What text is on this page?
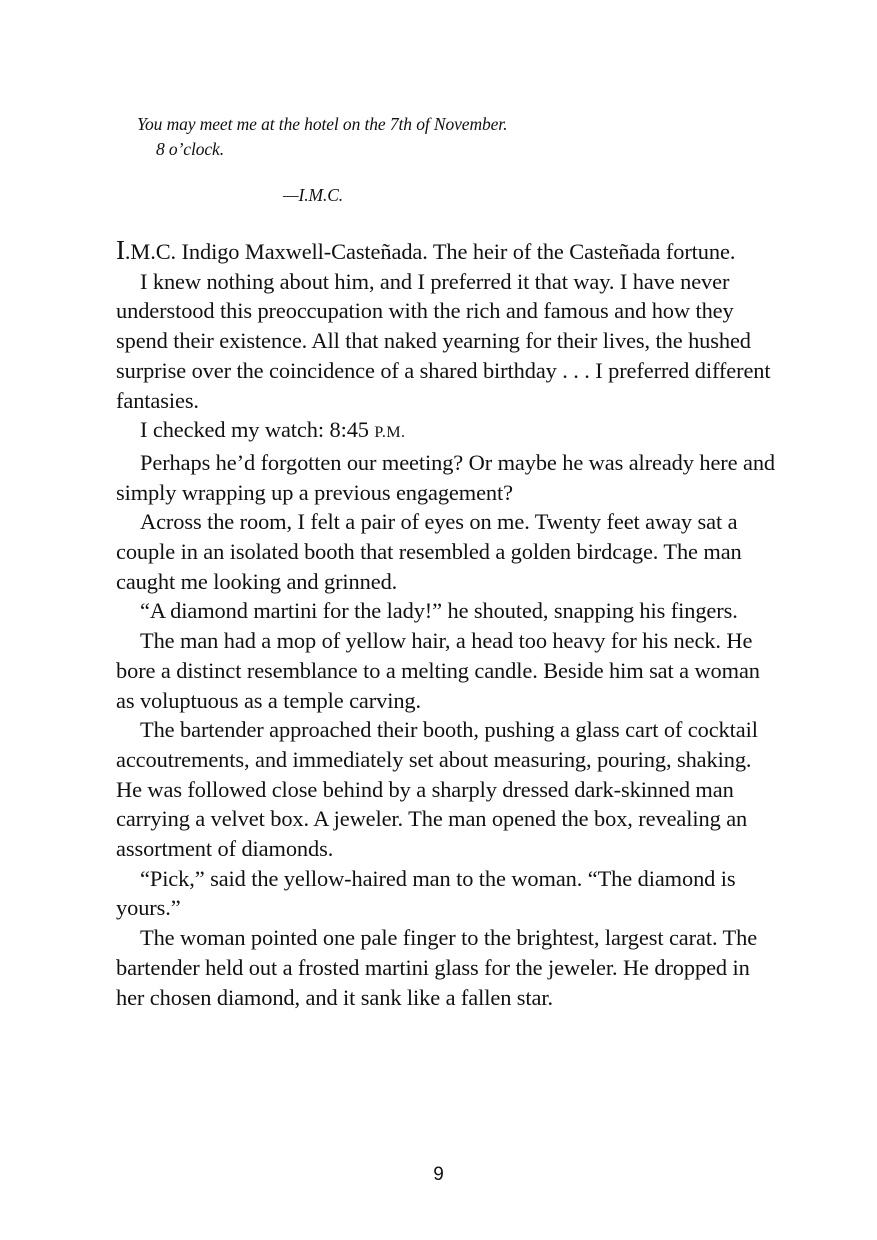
You may meet me at the hotel on the 7th of November.
8 o’clock.
—I.M.C.

I.M.C. Indigo Maxwell-Casteñada. The heir of the Casteñada fortune.

I knew nothing about him, and I preferred it that way. I have never understood this preoccupation with the rich and famous and how they spend their existence. All that naked yearning for their lives, the hushed surprise over the coincidence of a shared birthday . . . I preferred different fantasies.

I checked my watch: 8:45 P.M.

Perhaps he’d forgotten our meeting? Or maybe he was already here and simply wrapping up a previous engagement?

Across the room, I felt a pair of eyes on me. Twenty feet away sat a couple in an isolated booth that resembled a golden birdcage. The man caught me looking and grinned.

“A diamond martini for the lady!” he shouted, snapping his fingers.

The man had a mop of yellow hair, a head too heavy for his neck. He bore a distinct resemblance to a melting candle. Beside him sat a woman as voluptuous as a temple carving.

The bartender approached their booth, pushing a glass cart of cocktail accoutrements, and immediately set about measuring, pouring, shaking. He was followed close behind by a sharply dressed dark-skinned man carrying a velvet box. A jeweler. The man opened the box, revealing an assortment of diamonds.

“Pick,” said the yellow-haired man to the woman. “The diamond is yours.”

The woman pointed one pale finger to the brightest, largest carat. The bartender held out a frosted martini glass for the jeweler. He dropped in her chosen diamond, and it sank like a fallen star.

9
